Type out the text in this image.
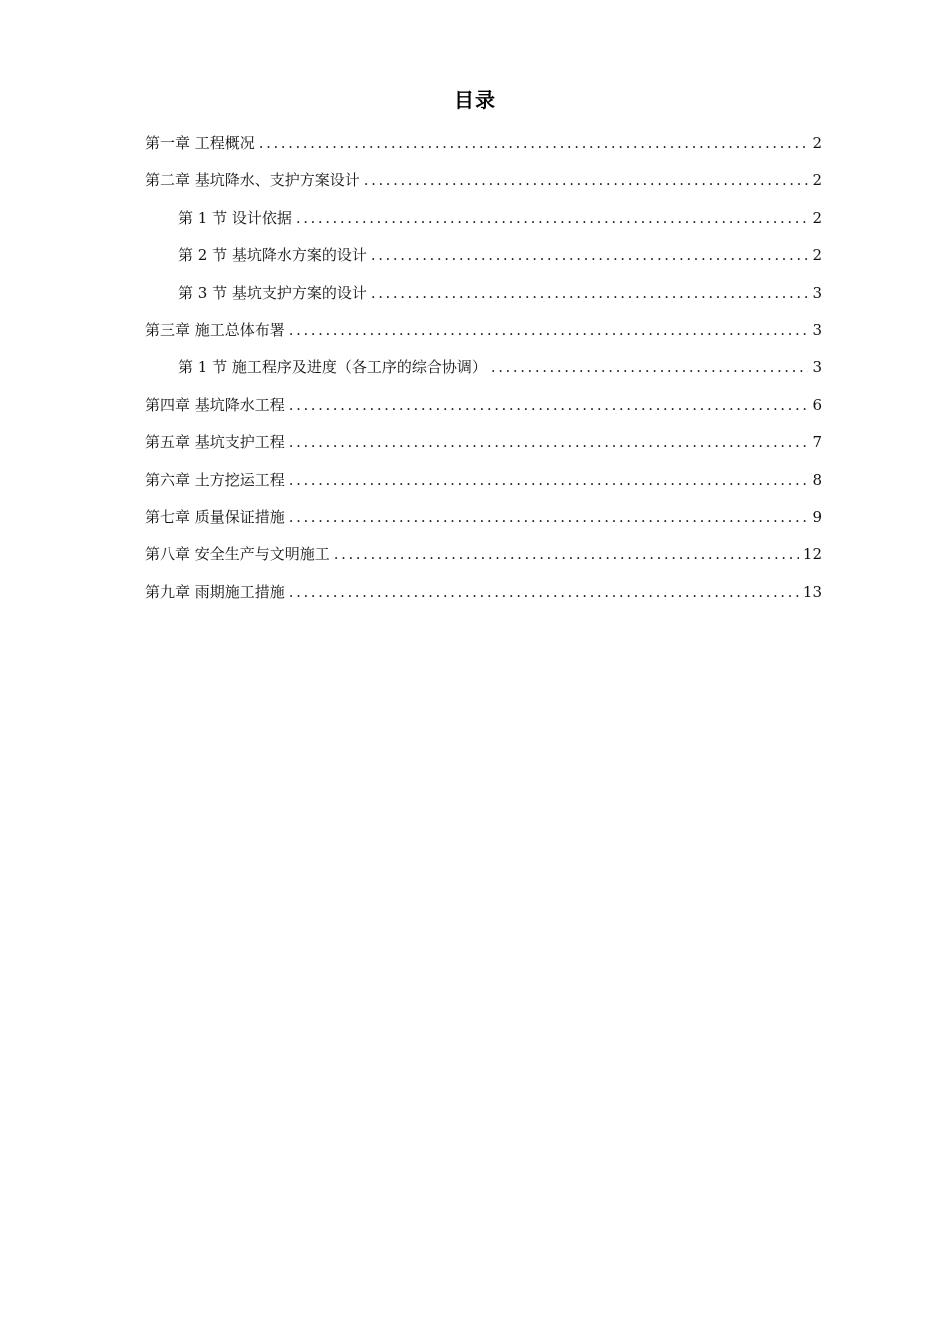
目录
第一章 工程概况 . . .	2
第二章 基坑降水、支护方案设计 . . .	2
第 1 节 设计依据 . . .	2
第 2 节 基坑降水方案的设计 . . .	2
第 3 节 基坑支护方案的设计 . . .	3
第三章 施工总体布署 . . .	3
第 1 节 施工程序及进度（各工序的综合协调） . . .	3
第四章 基坑降水工程 . . .	6
第五章 基坑支护工程 . . .	7
第六章 土方挖运工程 . . .	8
第七章 质量保证措施 . . .	9
第八章 安全生产与文明施工 . . .	12
第九章 雨期施工措施 . . .	13
